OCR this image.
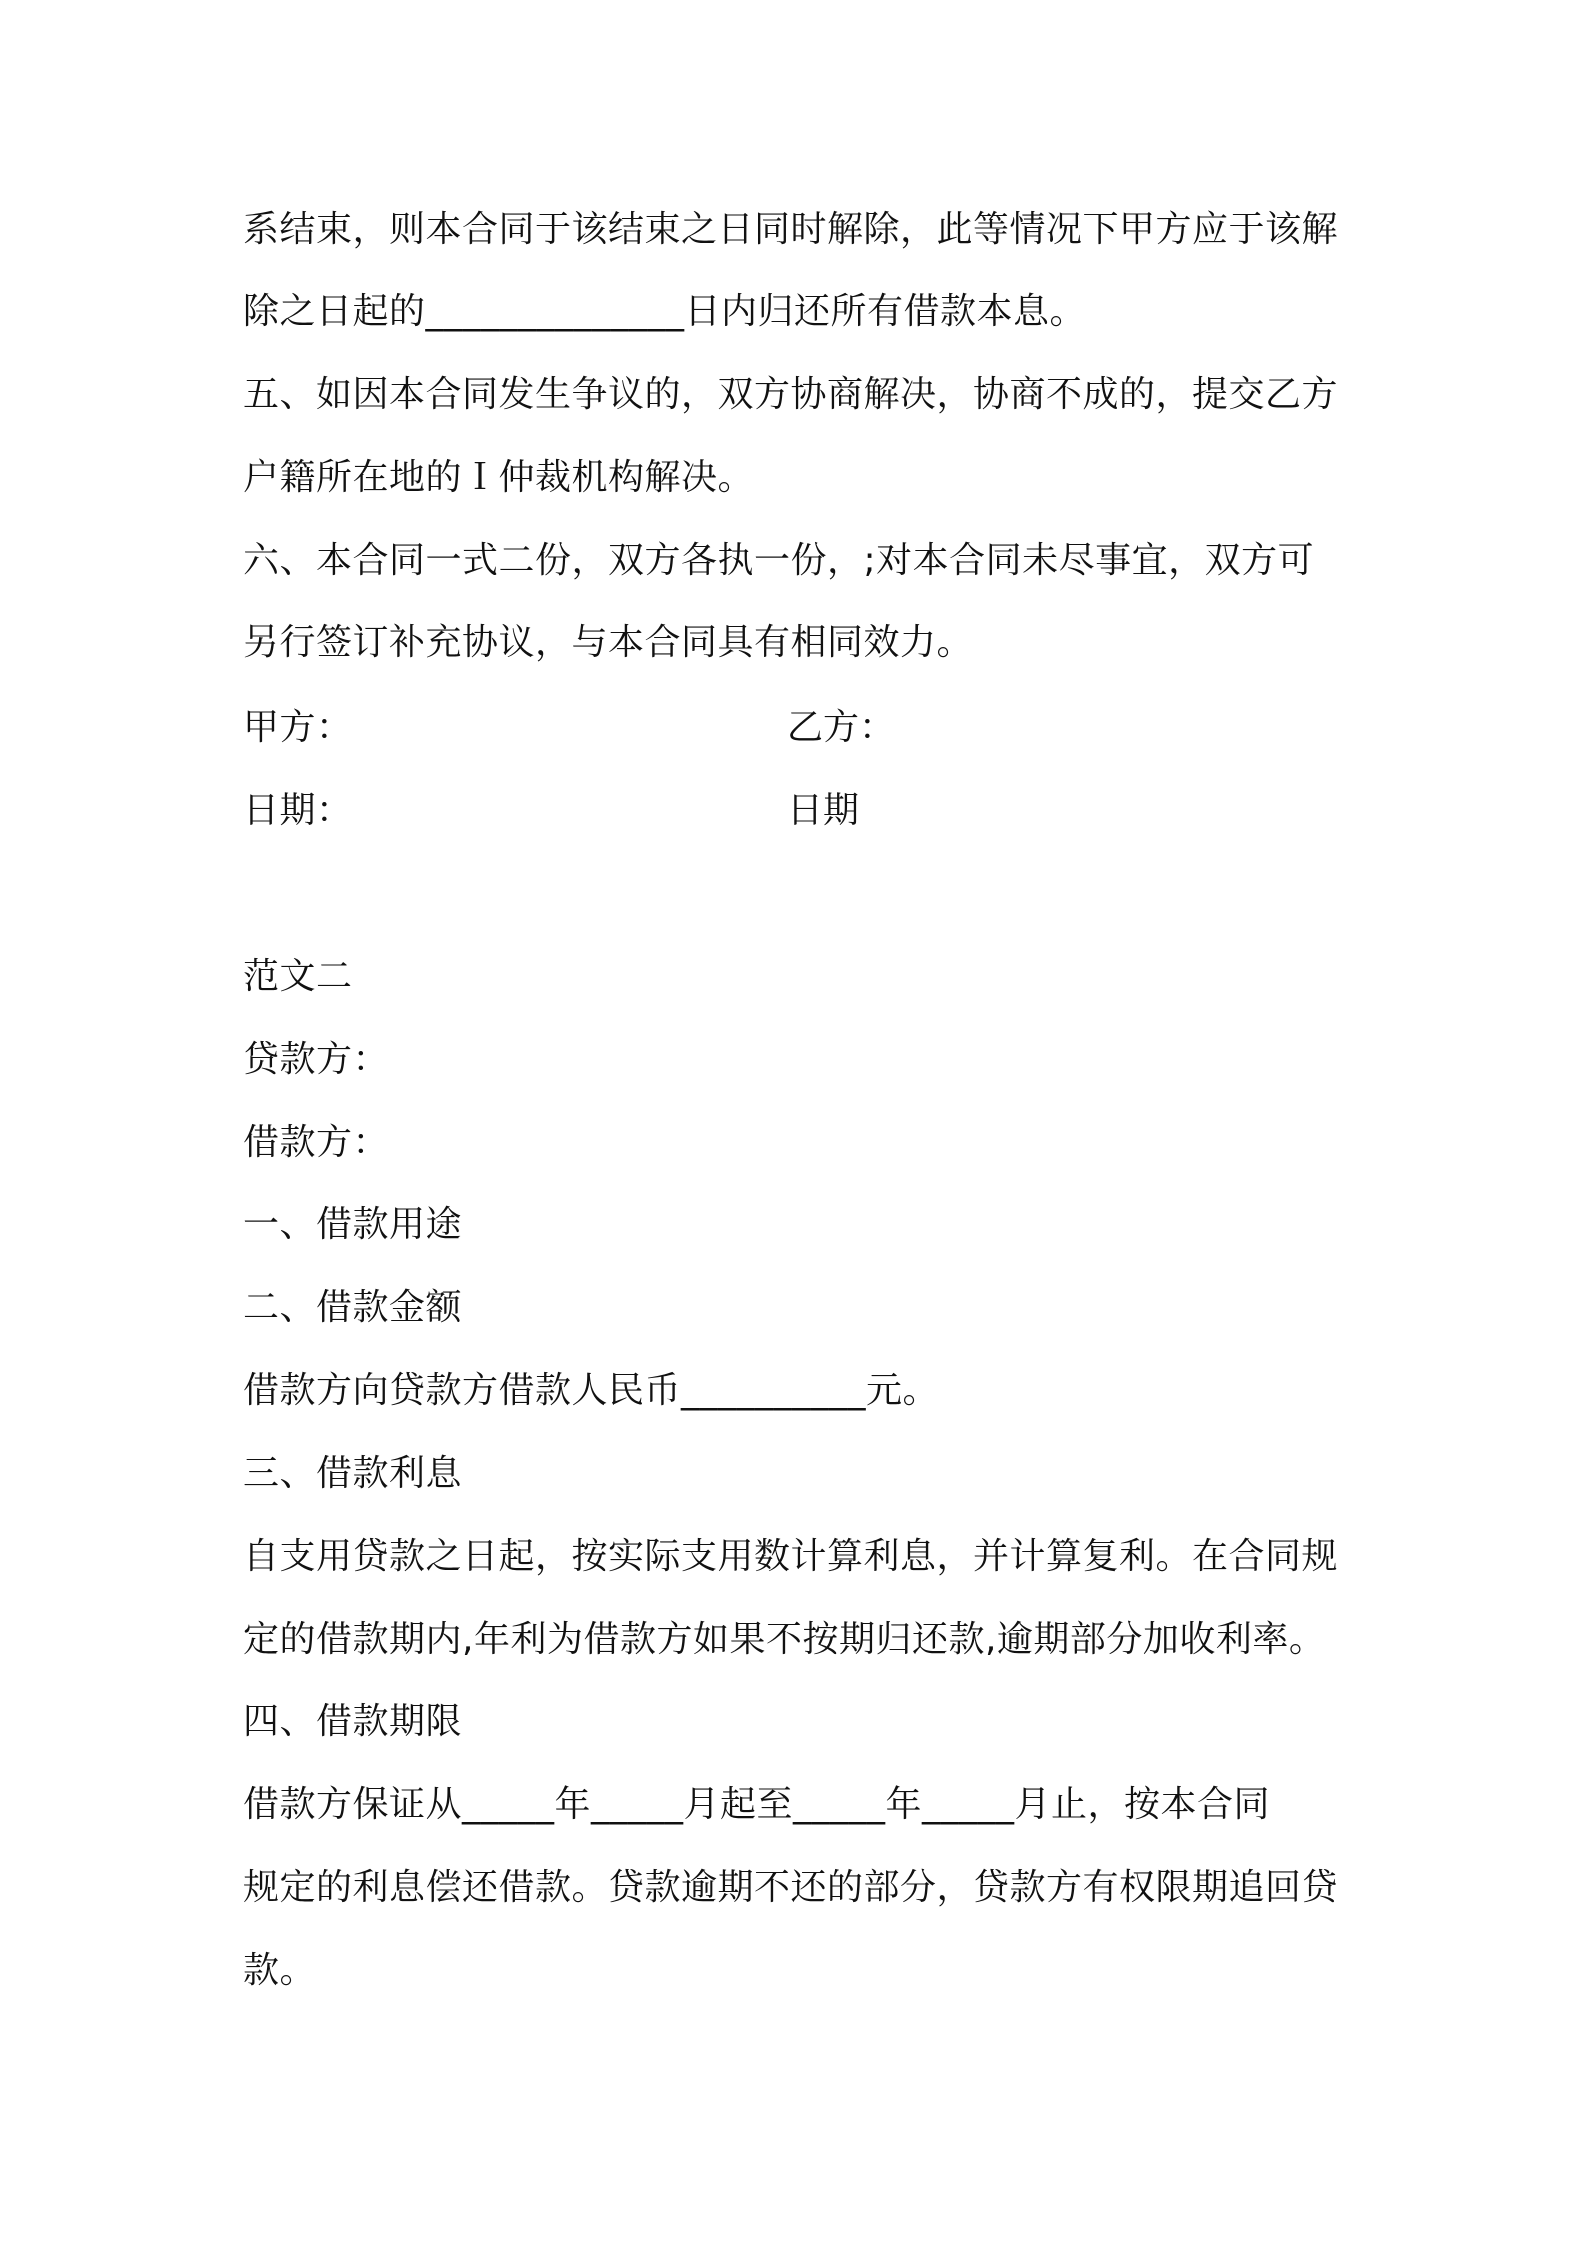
系结束，则本合同于该结束之日同时解除，此等情况下甲方应于该解
除之日起的______________日内归还所有借款本息。
五、如因本合同发生争议的，双方协商解决，协商不成的，提交乙方
户籍所在地的Ｉ仲裁机构解决。
六、本合同一式二份，双方各执一份，;对本合同未尽事宜，双方可
另行签订补充协议，与本合同具有相同效力。
甲方：	乙方：
日期：	日期
范文二
贷款方：
借款方：
一、借款用途
二、借款金额
借款方向贷款方借款人民币__________元。
三、借款利息
自支用贷款之日起，按实际支用数计算利息，并计算复利。在合同规
定的借款期内,年利为借款方如果不按期归还款,逾期部分加收利率。
四、借款期限
借款方保证从_____年_____月起至_____年_____月止，按本合同
规定的利息偿还借款。贷款逾期不还的部分，贷款方有权限期追回贷
款。
